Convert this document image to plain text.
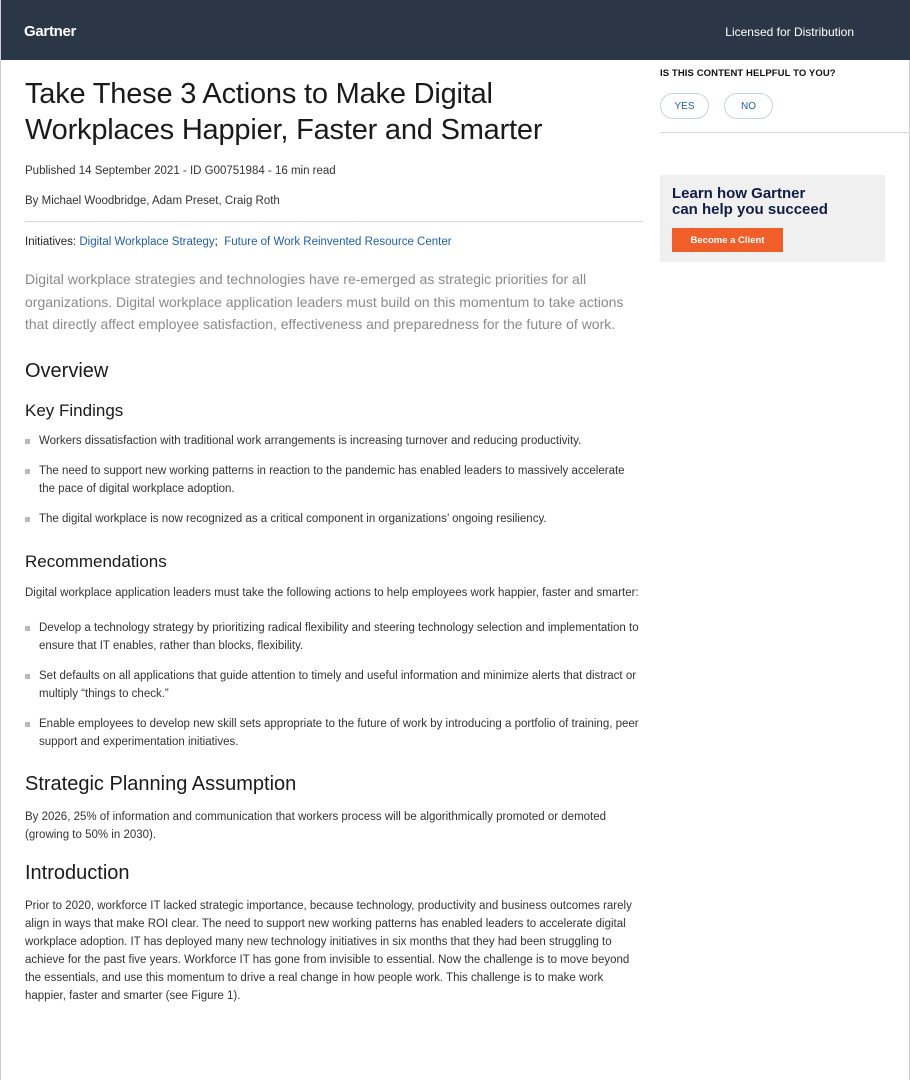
Gartner	Licensed for Distribution
Take These 3 Actions to Make Digital Workplaces Happier, Faster and Smarter
Published 14 September 2021 - ID G00751984 - 16 min read
By Michael Woodbridge, Adam Preset, Craig Roth
Initiatives: Digital Workplace Strategy; Future of Work Reinvented Resource Center

Digital workplace strategies and technologies have re-emerged as strategic priorities for all organizations. Digital workplace application leaders must build on this momentum to take actions that directly affect employee satisfaction, effectiveness and preparedness for the future of work.

Overview
Key Findings
Workers dissatisfaction with traditional work arrangements is increasing turnover and reducing productivity.
The need to support new working patterns in reaction to the pandemic has enabled leaders to massively accelerate the pace of digital workplace adoption.
The digital workplace is now recognized as a critical component in organizations’ ongoing resiliency.
Recommendations

Digital workplace application leaders must take the following actions to help employees work happier, faster and smarter:

Develop a technology strategy by prioritizing radical flexibility and steering technology selection and implementation to ensure that IT enables, rather than blocks, flexibility.
Set defaults on all applications that guide attention to timely and useful information and minimize alerts that distract or multiply “things to check.”
Enable employees to develop new skill sets appropriate to the future of work by introducing a portfolio of training, peer support and experimentation initiatives.
Strategic Planning Assumption

By 2026, 25% of information and communication that workers process will be algorithmically promoted or demoted (growing to 50% in 2030).

Introduction

Prior to 2020, workforce IT lacked strategic importance, because technology, productivity and business outcomes rarely align in ways that make ROI clear. The need to support new working patterns has enabled leaders to accelerate digital workplace adoption. IT has deployed many new technology initiatives in six months that they had been struggling to achieve for the past five years. Workforce IT has gone from invisible to essential. Now the challenge is to move beyond the essentials, and use this momentum to drive a real change in how people work. This challenge is to make work happier, faster and smarter (see Figure 1).

IS THIS CONTENT HELPFUL TO YOU?
YES	NO
Learn how Gartner
can help you succeed
Become a Client
